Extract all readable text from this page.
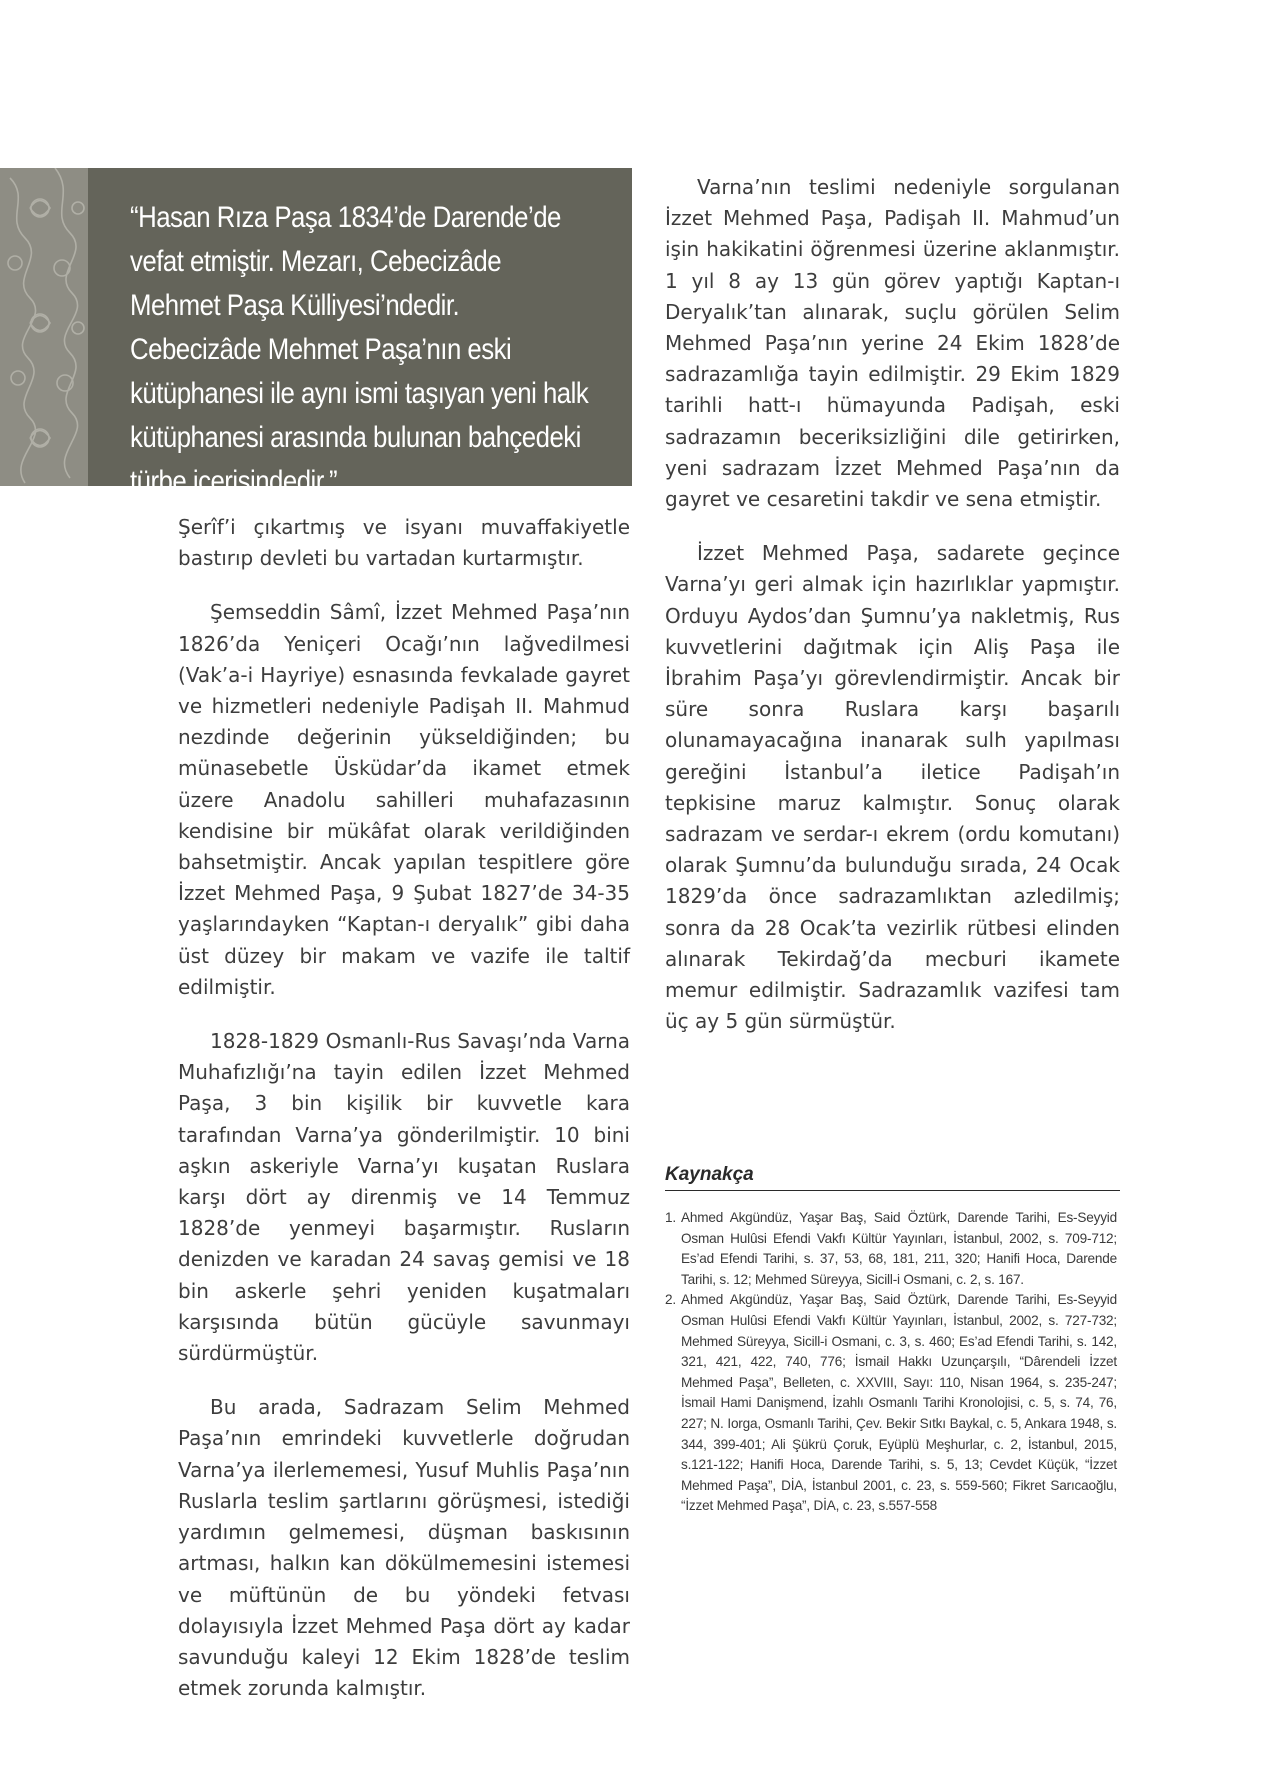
“Hasan Rıza Paşa 1834’de Darende’de vefat etmiştir. Mezarı, Cebecizâde Mehmet Paşa Külliyesi’ndedir. Cebecizâde Mehmet Paşa’nın eski kütüphanesi ile aynı ismi taşıyan yeni halk kütüphanesi arasında bulunan bahçedeki türbe içerisindedir.”

Şerîf’i çıkartmış ve isyanı muvaffakiyetle bastırıp devleti bu vartadan kurtarmıştır.

Şemseddin Sâmî, İzzet Mehmed Paşa’nın 1826’da Yeniçeri Ocağı’nın lağvedilmesi (Vak’a-i Hayriye) esnasında fevkalade gayret ve hizmetleri nedeniyle Padişah II. Mahmud nezdinde değerinin yükseldiğinden; bu münasebetle Üsküdar’da ikamet etmek üzere Anadolu sahilleri muhafazasının kendisine bir mükâfat olarak verildiğinden bahsetmiştir. Ancak yapılan tespitlere göre İzzet Mehmed Paşa, 9 Şubat 1827’de 34-35 yaşlarındayken “Kaptan-ı deryalık” gibi daha üst düzey bir makam ve vazife ile taltif edilmiştir.

1828-1829 Osmanlı-Rus Savaşı’nda Varna Muhafızlığı’na tayin edilen İzzet Mehmed Paşa, 3 bin kişilik bir kuvvetle kara tarafından Varna’ya gönderilmiştir. 10 bini aşkın askeriyle Varna’yı kuşatan Ruslara karşı dört ay direnmiş ve 14 Temmuz 1828’de yenmeyi başarmıştır. Rusların denizden ve karadan 24 savaş gemisi ve 18 bin askerle şehri yeniden kuşatmaları karşısında bütün gücüyle savunmayı sürdürmüştür.

Bu arada, Sadrazam Selim Mehmed Paşa’nın emrindeki kuvvetlerle doğrudan Varna’ya ilerlememesi, Yusuf Muhlis Paşa’nın Ruslarla teslim şartlarını görüşmesi, istediği yardımın gelmemesi, düşman baskısının artması, halkın kan dökülmemesini istemesi ve müftünün de bu yöndeki fetvası dolayısıyla İzzet Mehmed Paşa dört ay kadar savunduğu kaleyi 12 Ekim 1828’de teslim etmek zorunda kalmıştır.

Varna’nın teslimi nedeniyle sorgulanan İzzet Mehmed Paşa, Padişah II. Mahmud’un işin hakikatini öğrenmesi üzerine aklanmıştır. 1 yıl 8 ay 13 gün görev yaptığı Kaptan-ı Deryalık’tan alınarak, suçlu görülen Selim Mehmed Paşa’nın yerine 24 Ekim 1828’de sadrazamlığa tayin edilmiştir. 29 Ekim 1829 tarihli hatt-ı hümayunda Padişah, eski sadrazamın beceriksizliğini dile getirirken, yeni sadrazam İzzet Mehmed Paşa’nın da gayret ve cesaretini takdir ve sena etmiştir.

İzzet Mehmed Paşa, sadarete geçince Varna’yı geri almak için hazırlıklar yapmıştır. Orduyu Aydos’dan Şumnu’ya nakletmiş, Rus kuvvetlerini dağıtmak için Aliş Paşa ile İbrahim Paşa’yı görevlendirmiştir. Ancak bir süre sonra Ruslara karşı başarılı olunamayacağına inanarak sulh yapılması gereğini İstanbul’a iletice Padişah’ın tepkisine maruz kalmıştır. Sonuç olarak sadrazam ve serdar-ı ekrem (ordu komutanı) olarak Şumnu’da bulunduğu sırada, 24 Ocak 1829’da önce sadrazamlıktan azledilmiş; sonra da 28 Ocak’ta vezirlik rütbesi elinden alınarak Tekirdağ’da mecburi ikamete memur edilmiştir. Sadrazamlık vazifesi tam üç ay 5 gün sürmüştür.

Kaynakça
1. Ahmed Akgündüz, Yaşar Baş, Said Öztürk, Darende Tarihi, Es-Seyyid Osman Hulûsi Efendi Vakfı Kültür Yayınları, İstanbul, 2002, s. 709-712; Es’ad Efendi Tarihi, s. 37, 53, 68, 181, 211, 320; Hanifi Hoca, Darende Tarihi, s. 12; Mehmed Süreyya, Sicill-i Osmani, c. 2, s. 167.
2. Ahmed Akgündüz, Yaşar Baş, Said Öztürk, Darende Tarihi, Es-Seyyid Osman Hulûsi Efendi Vakfı Kültür Yayınları, İstanbul, 2002, s. 727-732; Mehmed Süreyya, Sicill-i Osmani, c. 3, s. 460; Es’ad Efendi Tarihi, s. 142, 321, 421, 422, 740, 776; İsmail Hakkı Uzunçarşılı, “Dârendeli İzzet Mehmed Paşa”, Belleten, c. XXVIII, Sayı: 110, Nisan 1964, s. 235-247; İsmail Hami Danişmend, İzahlı Osmanlı Tarihi Kronolojisi, c. 5, s. 74, 76, 227; N. Iorga, Osmanlı Tarihi, Çev. Bekir Sıtkı Baykal, c. 5, Ankara 1948, s. 344, 399-401; Ali Şükrü Çoruk, Eyüplü Meşhurlar, c. 2, İstanbul, 2015, s.121-122; Hanifi Hoca, Darende Tarihi, s. 5, 13; Cevdet Küçük, “İzzet Mehmed Paşa”, DİA, İstanbul 2001, c. 23, s. 559-560; Fikret Sarıcaoğlu, “İzzet Mehmed Paşa”, DİA, c. 23, s.557-558
